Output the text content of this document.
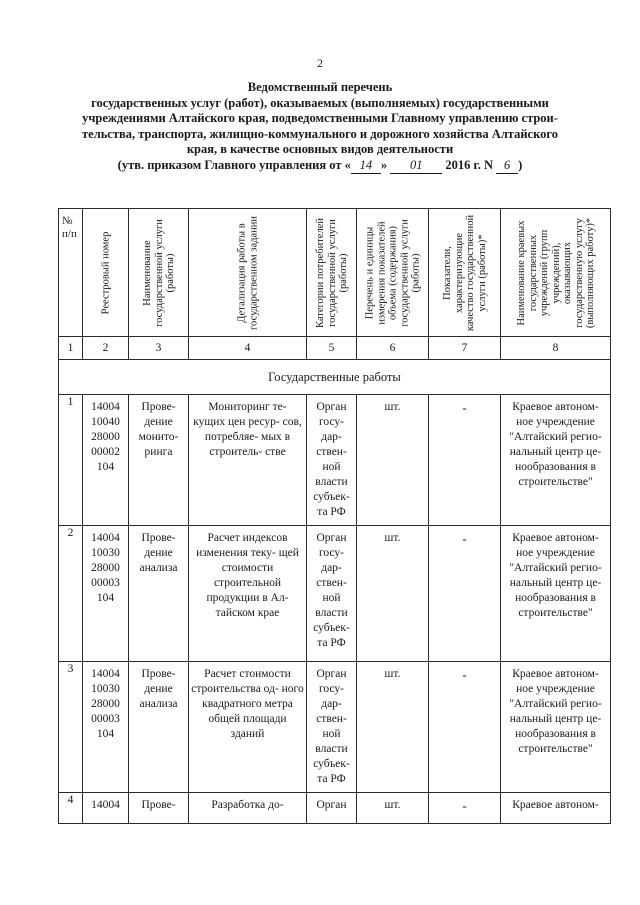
2
Ведомственный перечень
государственных услуг (работ), оказываемых (выполняемых) государственными
учреждениями Алтайского края, подведомственными Главному управлению строи-
тельства, транспорта, жилищно-коммунального и дорожного хозяйства Алтайского
края, в качестве основных видов деятельности
(утв. приказом Главного управления от « 14 » 01 2016 г. N 6 )
№ п/п	Реестровый номер	Наименование государственной услуги (работы)	Детализация работы в государственном задании	Категории потребителей государственной услуги (работы)	Перечень и единицы измерения показателей объема (содержания) государственной услуги (работы)	Показатели, характеризующие качество государственной услуги (работы)*	Наименование краевых государственных учреждений (групп учреждений), оказывающих государственную услугу (выполняющих работу)*

1	2	3	4	5	6	7	8
Государственные работы							
1	14004 10040 28000 00002 104	Прове- дение монито- ринга	Мониторинг те- кущих цен ресур- сов, потребляе- мых в строитель- стве	Орган госу- дар- ствен- ной власти субъек- та РФ	шт.	-	Краевое автоном- ное учреждение "Алтайский регио- нальный центр це- нообразования в строительстве"

2	14004 10030 28000 00003 104	Прове- дение анализа	Расчет индексов изменения теку- щей стоимости строительной продукции в Ал- тайском крае	Орган госу- дар- ствен- ной власти субъек- та РФ	шт.	-	Краевое автоном- ное учреждение "Алтайский регио- нальный центр це- нообразования в строительстве"

3	14004 10030 28000 00003 104	Прове- дение анализа	Расчет стоимости строительства од- ного квадратного метра общей площади зданий	Орган госу- дар- ствен- ной власти субъек- та РФ	шт.	-	Краевое автоном- ное учреждение "Алтайский регио- нальный центр це- нообразования в строительстве"

4	14004	Прове-	Разработка до-	Орган	шт.	-	Краевое автоном-
